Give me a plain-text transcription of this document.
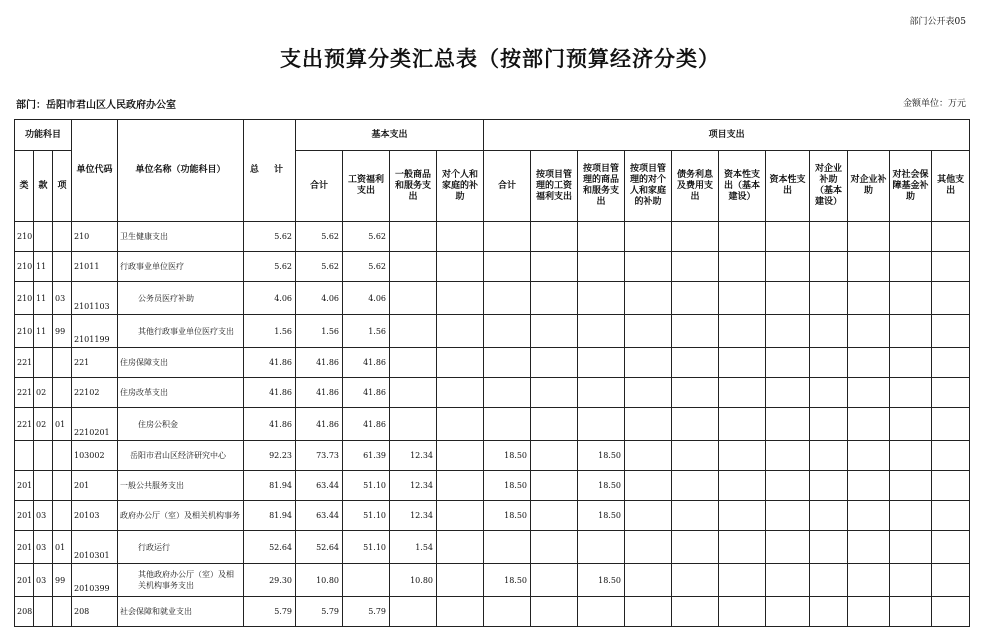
部门公开表05
支出预算分类汇总表（按部门预算经济分类）
部门：岳阳市君山区人民政府办公室	金额单位：万元
功能科目			单位代码	单位名称（功能科目）	总 计	基本支出				项目支出										
类	款	项				合计	工资福利支出	一般商品和服务支出	对个人和家庭的补助	合计	按项目管理的工资福利支出	按项目管理的商品和服务支出	按项目管理的对个人和家庭的补助	债务利息及费用支出	资本性支出（基本建设）	资本性支出	对企业补助（基本建设）	对企业补助	对社会保障基金补助	其他支出
210			210	卫生健康支出	5.62	5.62	5.62													
210	11		21011	行政事业单位医疗	5.62	5.62	5.62													
210	11	03	2101103	公务员医疗补助	4.06	4.06	4.06													
210	11	99	2101199	其他行政事业单位医疗支出	1.56	1.56	1.56													
221			221	住房保障支出	41.86	41.86	41.86													
221	02		22102	住房改革支出	41.86	41.86	41.86													
221	02	01	2210201	住房公积金	41.86	41.86	41.86													
			103002	岳阳市君山区经济研究中心	92.23	73.73	61.39	12.34		18.50		18.50								
201			201	一般公共服务支出	81.94	63.44	51.10	12.34		18.50		18.50								
201	03		20103	政府办公厅（室）及相关机构事务	81.94	63.44	51.10	12.34		18.50		18.50								
201	03	01	2010301	行政运行	52.64	52.64	51.10	1.54												
201	03	99	2010399	其他政府办公厅（室）及相关机构事务支出	29.30	10.80		10.80		18.50		18.50								
208			208	社会保障和就业支出	5.79	5.79	5.79													
